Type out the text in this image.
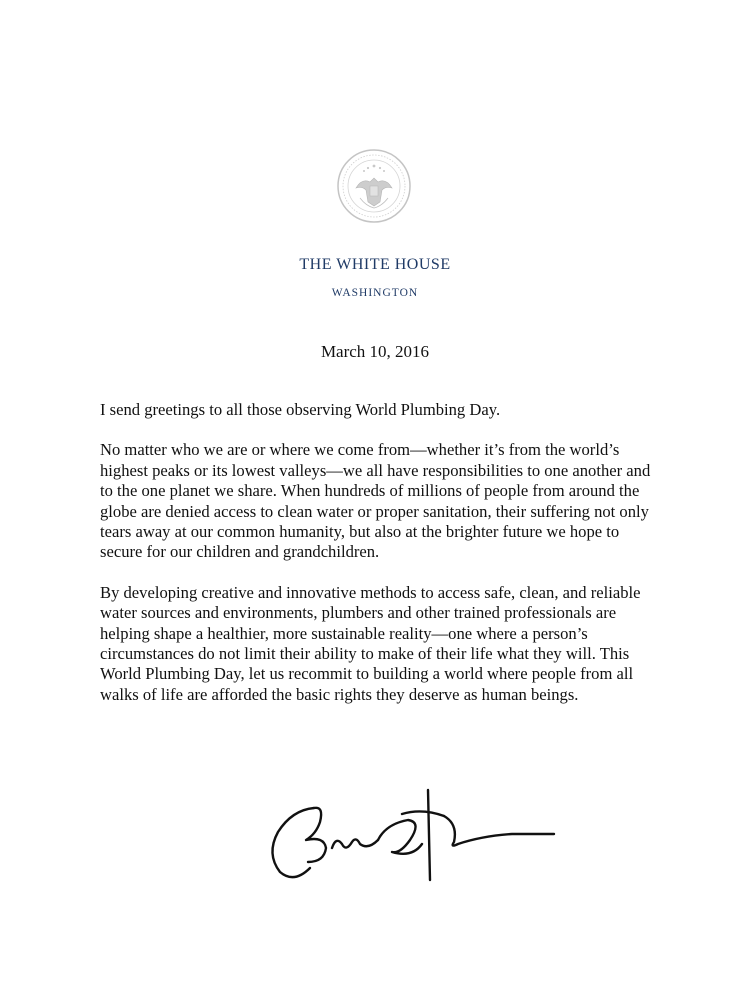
THE WHITE HOUSE
WASHINGTON
March 10, 2016

I send greetings to all those observing World Plumbing Day.

No matter who we are or where we come from—whether it’s from the world’s highest peaks or its lowest valleys—we all have responsibilities to one another and to the one planet we share. When hundreds of millions of people from around the globe are denied access to clean water or proper sanitation, their suffering not only tears away at our common humanity, but also at the brighter future we hope to secure for our children and grandchildren.

By developing creative and innovative methods to access safe, clean, and reliable water sources and environments, plumbers and other trained professionals are helping shape a healthier, more sustainable reality—one where a person’s circumstances do not limit their ability to make of their life what they will. This World Plumbing Day, let us recommit to building a world where people from all walks of life are afforded the basic rights they deserve as human beings.
